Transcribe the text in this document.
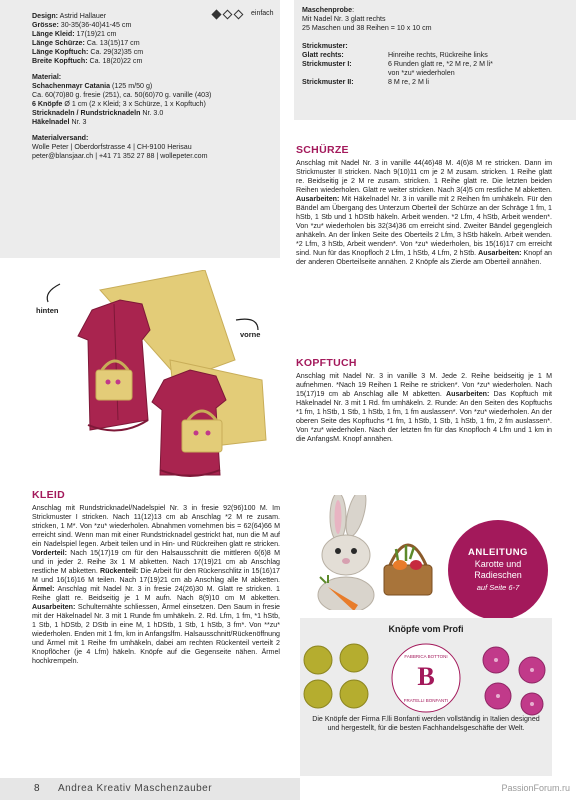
Design: Astrid Hallauer

Grösse: 30-35(36-40)41-45 cm

Länge Kleid: 17(19)21 cm

Länge Schürze: Ca. 13(15)17 cm

Länge Kopftuch: Ca. 29(32)35 cm

Breite Kopftuch: Ca. 18(20)22 cm

Material:

Schachenmayr Catania (125 m/50 g)

Ca. 60(70)80 g. fresie (251), ca. 50(60)70 g. vanille (403)

6 Knöpfe Ø 1 cm (2 x Kleid; 3 x Schürze, 1 x Kopftuch)

Stricknadeln / Rundstricknadeln Nr. 3.0

Häkelnadel Nr. 3

Materialversand:

Wolle Peter | Oberdorfstrasse 4 | CH-9100 Herisau

peter@blansjaar.ch | +41 71 352 27 88 | wollepeter.com

einfach	Maschenprobe:

Mit Nadel Nr. 3 glatt rechts

25 Maschen und 38 Reihen = 10 x 10 cm

Strickmuster:

Glatt rechts:	Hinreihe rechts, Rückreihe links
Strickmuster I:	6 Runden glatt re, *2 M re, 2 M li*
von *zu* wiederholen
Strickmuster II:	8 M re, 2 M li
SCHÜRZE

Anschlag mit Nadel Nr. 3 in vanille 44(46)48 M. 4(6)8 M re stricken. Dann im Strickmuster II stricken. Nach 9(10)11 cm je 2 M zusam. stricken. 1 Reihe glatt re. Beidseitig je 2 M re zusam. stricken. 1 Reihe glatt re. Die letzten beiden Reihen wiederholen. Glatt re weiter stricken. Nach 3(4)5 cm restliche M abketten. Ausarbeiten: Mit Häkelnadel Nr. 3 in vanille mit 2 Reihen fm umhäkeln. Für den Bändel am Übergang des Unterzum Oberteil der Schürze an der Schräge 1 fm, 1 hStb, 1 Stb und 1 hDStb häkeln. Arbeit wenden. *2 Lfm, 4 hStb, Arbeit wenden*. Von *zu* wiederholen bis 32(34)36 cm erreicht sind. Zweiter Bändel gegengleich anhäkeln. An der linken Seite des Oberteils 2 Lfm, 3 hStb häkeln. Arbeit wenden. *2 Lfm, 3 hStb, Arbeit wenden*. Von *zu* wiederholen, bis 15(16)17 cm erreicht sind. Nun für das Knopfloch 2 Lfm, 1 hStb, 4 Lfm, 2 hStb. Ausarbeiten: Knopf an der anderen Oberteilseite annähen. 2 Knöpfe als Zierde am Oberteil annähen.

KOPFTUCH

Anschlag mit Nadel Nr. 3 in vanille 3 M. Jede 2. Reihe beidseitig je 1 M aufnehmen. *Nach 19 Reihen 1 Reihe re stricken*. Von *zu* wiederholen. Nach 15(17)19 cm ab Anschlag alle M abketten. Ausarbeiten: Das Kopftuch mit Häkelnadel Nr. 3 mit 1 Rd. fm umhäkeln. 2. Runde: An den Seiten des Kopftuchs *1 fm, 1 hStb, 1 Stb, 1 hStb, 1 fm, 1 fm auslassen*. Von *zu* wiederholen. An der oberen Seite des Kopftuchs *1 fm, 1 hStb, 1 Stb, 1 hStb, 1 fm, 2 fm auslassen*. Von *zu* wiederholen. Nach der letzten fm für das Knopfloch 4 Lfm und 1 km in die AnfangsM. Knopf annähen.

KLEID

Anschlag mit Rundstricknadel/Nadelspiel Nr. 3 in fresie 92(96)100 M. Im Strickmuster I stricken. Nach 11(12)13 cm ab Anschlag *2 M re zusam. stricken, 1 M*. Von *zu* wiederholen. Abnahmen vornehmen bis = 62(64)66 M erreicht sind. Wenn man mit einer Rundstricknadel gestrickt hat, nun die M auf ein Nadelspiel legen. Arbeit teilen und in Hin- und Rückreihen glatt re stricken. Vorderteil: Nach 15(17)19 cm für den Halsausschnitt die mittleren 6(6)8 M und in jeder 2. Reihe 3x 1 M abketten. Nach 17(19)21 cm ab Anschlag restliche M abketten. Rückenteil: Die Arbeit für den Rückenschlitz in 15(16)17 M und 16(16)16 M teilen. Nach 17(19)21 cm ab Anschlag alle M abketten. Ärmel: Anschlag mit Nadel Nr. 3 in fresie 24(26)30 M. Glatt re stricken. 1 Reihe glatt re. Beidseitig je 1 M aufn. Nach 8(9)10 cm M abketten. Ausarbeiten: Schulternähte schliessen, Ärmel einsetzen. Den Saum in fresie mit der Häkelnadel Nr. 3 mit 1 Runde fm umhäkeln. 2. Rd. Lfm, 1 fm, *1 hStb, 1 Stb, 1 hDStb, 2 DStb in eine M, 1 hDStb, 1 Stb, 1 hStb, 3 fm*. Von **zu* wiederholen. Enden mit 1 fm, km in Anfangslfm. Halsausschnitt/Rückenöffnung und Ärmel mit 1 Reihe fm umhäkeln, dabei am rechten Rückenteil verteilt 2 Knopflöcher (je 4 Lfm) häkeln. Knöpfe auf die Gegenseite nähen. Ärmel hochkrempeln.

hinten
vorne
ANLEITUNG
Karotte und
Radieschen
auf Seite 6-7
Knöpfe vom Profi
B
FABBRICA BOTTONI
FRATELLI BONFANTI
Die Knöpfe der Firma F.lli Bonfanti werden vollständig in Italien designed und hergestellt, für die besten Fachhandelsgeschäfte der Welt.
8 Andrea Kreativ Maschenzauber	PassionForum.ru
